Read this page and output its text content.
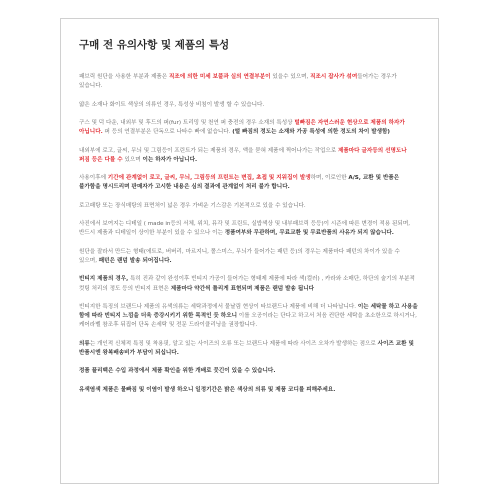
구매 전 유의사항 및 제품의 특성

패브릭 원단을 사용한 부분과 제품은 직조에 의한 미세 보풀과 실의 연결부분이 있을수 있으며, 직조시 잡사가 섞여들어가는 경우가 있습니다.

얇은 소재나 화이트 색상의 의류인 경우, 특성상 비침이 발생 할 수 있습니다.

구스 및 덕 다운, 내외부 및 후드의 퍼(fur) 트리밍 및 천연 퍼 충전의 경우 소재의 특성상 털빠짐은 자연스러운 현상으로 제품의 하자가 아닙니다. 퍼 등의 연결부분은 단독으로 나타수 빠에 없습니다. (털 빠짐의 정도는 소재와 가공 특성에 의한 정도의 차이 발생함)

내외부에 로고, 글씨, 무늬 및 그림등이 프린트가 되는 제품의 경우, 액을 묻혀 제품에 찍어나가는 작업으로 제품마다 글자등의 선명도나 퍼짐 등은 다를 수 있으며 이는 하자가 아닙니다.

사용이후에 기간에 관계없이 로고, 글씨, 무늬, 그림등의 프린트는 변집, 초접 및 지워집이 발생하며, 이로인한 A/S, 교환 및 반품은 불가함을 명시드리며 판매자가 고시한 내용은 심의 결과에 관계없이 처리 불가 합니다.

로고패탕 또는 장식매탕의 표면처이 넓은 경우 가벼운 기스감은 기본적으로 있을 수 있습니다.

사진에서 보여지는 디테일 ( made in등의 서체, 위치, 뮤각 및 프린트, 실밥색상 및 내부패브릭 등등)이 시즌에 따른 변경이 적용 된되며, 반드시 제품과 디테일이 상이한 부분이 있을 수 있으나 이는 정품여부와 무관하며, 무료교환 및 무료반품의 사유가 되지 않습니다.

원단을 잘라서 만드는 형태(에트로, 버버리, 마르지니, 폴스미스, 무늬가 들어가는 패턴 등)의 경우는 제품마다 패턴의 차이가 있을 수 있으며, 패턴은 랜덤 발송 되어집니다.

빈티지 제품의 경우, 특히 진과 같이 완성이후 빈티지 가공이 들어가는 형태제 제품에 따라 색(컬러) , 카라와 소매단, 하단의 술기의 부분적 컷팅 처리의 정도 등의 빈티지 표현은 제품마다 약간씩 틀리게 표현되며 제품은 랜덤 발송 됩니다

빈티지한 특징의 브랜드나 제품의 유색의류는 세탁과정에서 물날림 현상이 타브랜드나 제품에 비해 더 나타납니다. 이는 세탁물 하고 사용을 함에 따라 빈티지 느낌을 더욱 증강시키기 위한 목적인 듯 하오니 이를 오공이라는 단다고 하고서 처음 컨단한 세탁을 초소한으로 하시거나, 케어라벨 참조후 뒤집어 단독 손세탁 및 전문 드라이클리닝을 권장합니다.

의류는 개인적 신체적 특징 및 착용핏, 알고 있는 사이즈의 오류 또는 브랜드나 제품에 따라 사이즈 오차가 발생하는 점으로 사이즈 교환 및 반품시엔 왕복배송비가 부담이 되십니다.

정품 플리백은 수입 과정에서 제품 확인을 위한 개배로 뭇긴이 있을 수 있습니다.

유색염색 제품은 물빠짐 및 이염이 발생 하오니 일정기간은 밝은 색상의 의류 및 제품 코디를 피해주세요.
